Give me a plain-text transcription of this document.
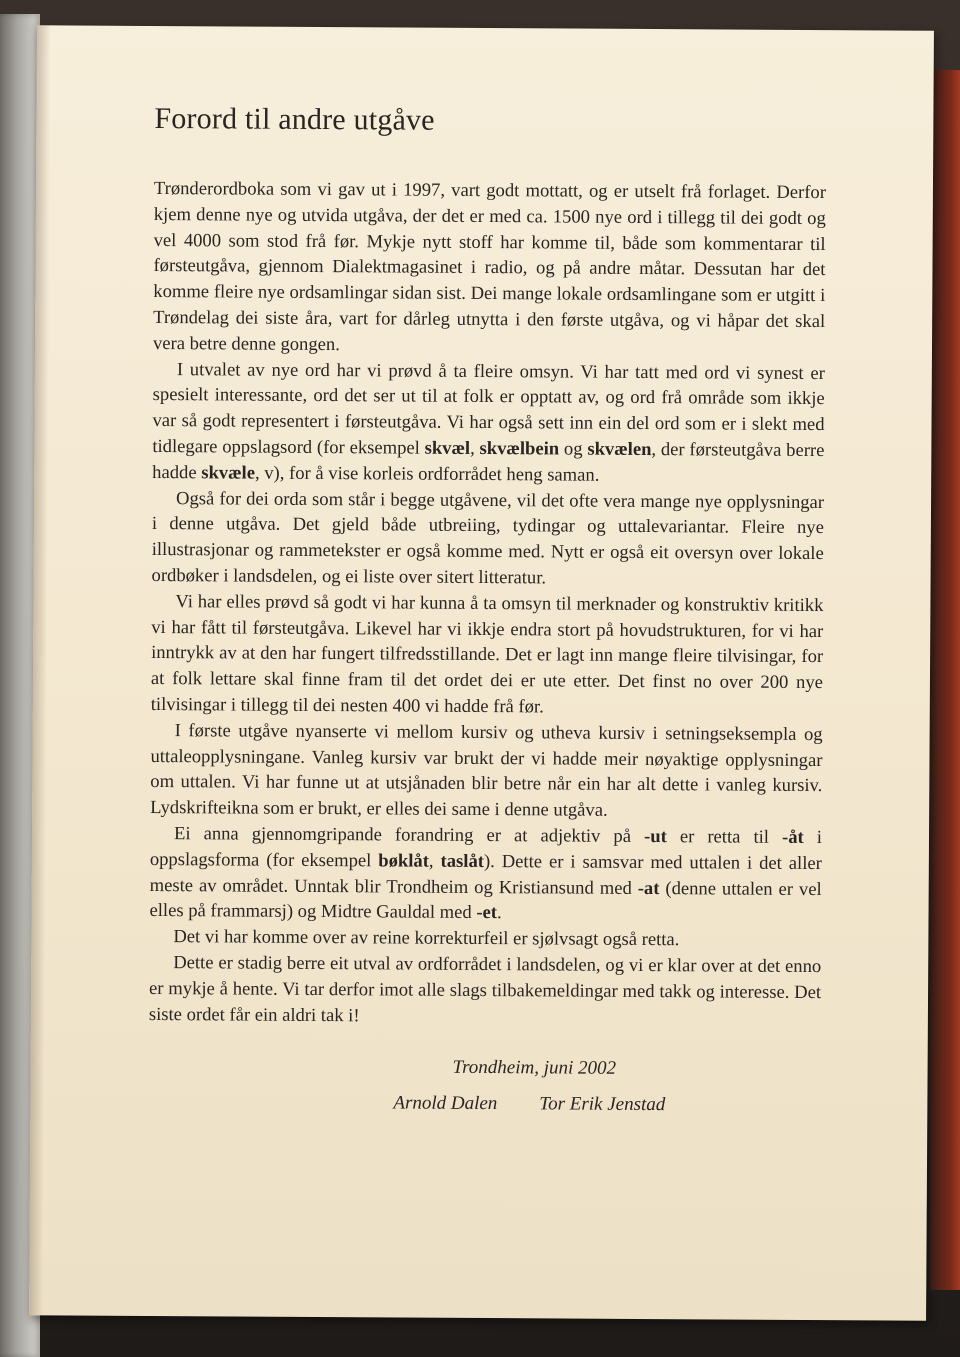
Forord til andre utgåve

Trønderordboka som vi gav ut i 1997, vart godt mottatt, og er utselt frå forlaget. Derfor kjem denne nye og utvida utgåva, der det er med ca. 1500 nye ord i tillegg til dei godt og vel 4000 som stod frå før. Mykje nytt stoff har komme til, både som kommentarar til førsteutgåva, gjennom Dialektmagasinet i radio, og på andre måtar. Dessutan har det komme fleire nye ordsamlingar sidan sist. Dei mange lokale ordsamlingane som er utgitt i Trøndelag dei siste åra, vart for dårleg utnytta i den første utgåva, og vi håpar det skal vera betre denne gongen.

I utvalet av nye ord har vi prøvd å ta fleire omsyn. Vi har tatt med ord vi synest er spesielt interessante, ord det ser ut til at folk er opptatt av, og ord frå område som ikkje var så godt representert i førsteutgåva. Vi har også sett inn ein del ord som er i slekt med tidlegare oppslagsord (for eksempel skvæl, skvælbein og skvælen, der førsteutgåva berre hadde skvæle, v), for å vise korleis ordforrådet heng saman.

Også for dei orda som står i begge utgåvene, vil det ofte vera mange nye opplysningar i denne utgåva. Det gjeld både utbreiing, tydingar og uttalevariantar. Fleire nye illustrasjonar og rammetekster er også komme med. Nytt er også eit oversyn over lokale ordbøker i landsdelen, og ei liste over sitert litteratur.

Vi har elles prøvd så godt vi har kunna å ta omsyn til merknader og konstruktiv kritikk vi har fått til førsteutgåva. Likevel har vi ikkje endra stort på hovudstrukturen, for vi har inntrykk av at den har fungert tilfredsstillande. Det er lagt inn mange fleire tilvisingar, for at folk lettare skal finne fram til det ordet dei er ute etter. Det finst no over 200 nye tilvisingar i tillegg til dei nesten 400 vi hadde frå før.

I første utgåve nyanserte vi mellom kursiv og utheva kursiv i setningseksempla og uttaleopplysningane. Vanleg kursiv var brukt der vi hadde meir nøyaktige opplysningar om uttalen. Vi har funne ut at utsjånaden blir betre når ein har alt dette i vanleg kursiv. Lydskrifteikna som er brukt, er elles dei same i denne utgåva.

Ei anna gjennomgripande forandring er at adjektiv på -ut er retta til -åt i oppslagsforma (for eksempel bøklåt, taslåt). Dette er i samsvar med uttalen i det aller meste av området. Unntak blir Trondheim og Kristiansund med -at (denne uttalen er vel elles på frammarsj) og Midtre Gauldal med -et.

Det vi har komme over av reine korrekturfeil er sjølvsagt også retta.

Dette er stadig berre eit utval av ordforrådet i landsdelen, og vi er klar over at det enno er mykje å hente. Vi tar derfor imot alle slags tilbakemeldingar med takk og interesse. Det siste ordet får ein aldri tak i!

Trondheim, juni 2002
Arnold Dalen Tor Erik Jenstad
